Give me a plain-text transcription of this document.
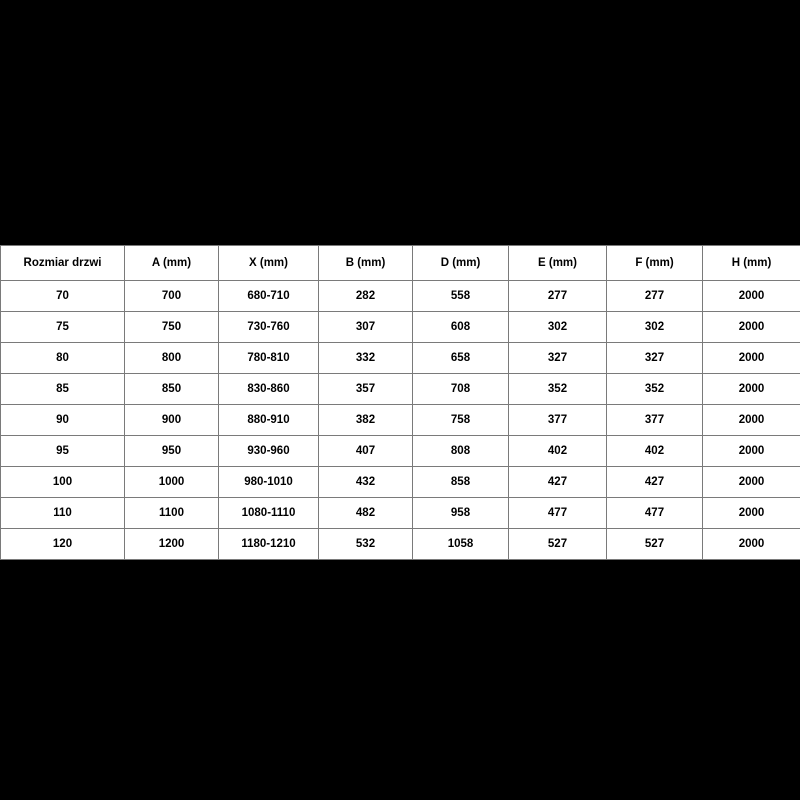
Rozmiar drzwi	A (mm)	X (mm)	B (mm)	D (mm)	E (mm)	F (mm)	H (mm)
70	700	680-710	282	558	277	277	2000
75	750	730-760	307	608	302	302	2000
80	800	780-810	332	658	327	327	2000
85	850	830-860	357	708	352	352	2000
90	900	880-910	382	758	377	377	2000
95	950	930-960	407	808	402	402	2000
100	1000	980-1010	432	858	427	427	2000
110	1100	1080-1110	482	958	477	477	2000
120	1200	1180-1210	532	1058	527	527	2000
